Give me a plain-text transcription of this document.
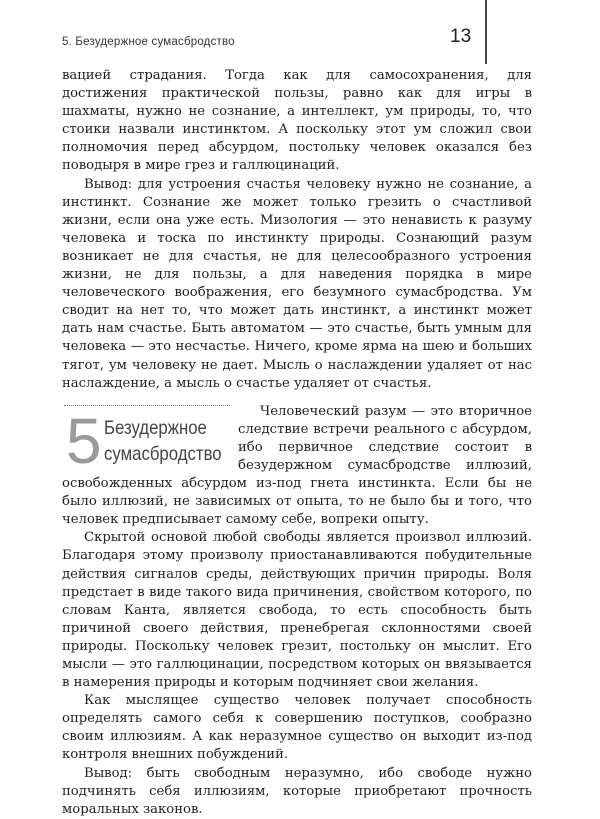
5. Безудержное сумасбродство	13

вацией страдания. Тогда как для самосохранения, для достижения практической пользы, равно как для игры в шахматы, нужно не сознание, а интеллект, ум природы, то, что стоики назвали инстинктом. А поскольку этот ум сложил свои полномочия перед абсурдом, постольку человек оказался без поводыря в мире грез и галлюцинаций.

Вывод: для устроения счастья человеку нужно не сознание, а инстинкт. Сознание же может только грезить о счастливой жизни, если она уже есть. Мизология — это ненависть к разуму человека и тоска по инстинкту природы. Сознающий разум возникает не для счастья, не для целесообразного устроения жизни, не для пользы, а для наведения порядка в мире человеческого воображения, его безумного сумасбродства. Ум сводит на нет то, что может дать инстинкт, а инстинкт может дать нам счастье. Быть автоматом — это счастье, быть умным для человека — это несчастье. Ничего, кроме ярма на шею и больших тягот, ум человеку не дает. Мысль о наслаждении удаляет от нас наслаждение, а мысль о счастье удаляет от счастья.

5 Безудержное
сумасбродство

Человеческий разум — это вторичное следствие встречи реального с абсурдом, ибо первичное следствие состоит в безудержном сумасбродстве иллюзий, освобожденных абсурдом из-под гнета инстинкта. Если бы не было иллюзий, не зависимых от опыта, то не было бы и того, что человек предписывает самому себе, вопреки опыту.

Скрытой основой любой свободы является произвол иллюзий. Благодаря этому произволу приостанавливаются побудительные действия сигналов среды, действующих причин природы. Воля предстает в виде такого вида причинения, свойством которого, по словам Канта, является свобода, то есть способность быть причиной своего действия, пренебрегая склонностями своей природы. Поскольку человек грезит, постольку он мыслит. Его мысли — это галлюцинации, посредством которых он ввязывается в намерения природы и которым подчиняет свои желания.

Как мыслящее существо человек получает способность определять самого себя к совершению поступков, сообразно своим иллюзиям. А как неразумное существо он выходит из-под контроля внешних побуждений.

Вывод: быть свободным неразумно, ибо свободе нужно подчинять себя иллюзиям, которые приобретают прочность моральных законов.
